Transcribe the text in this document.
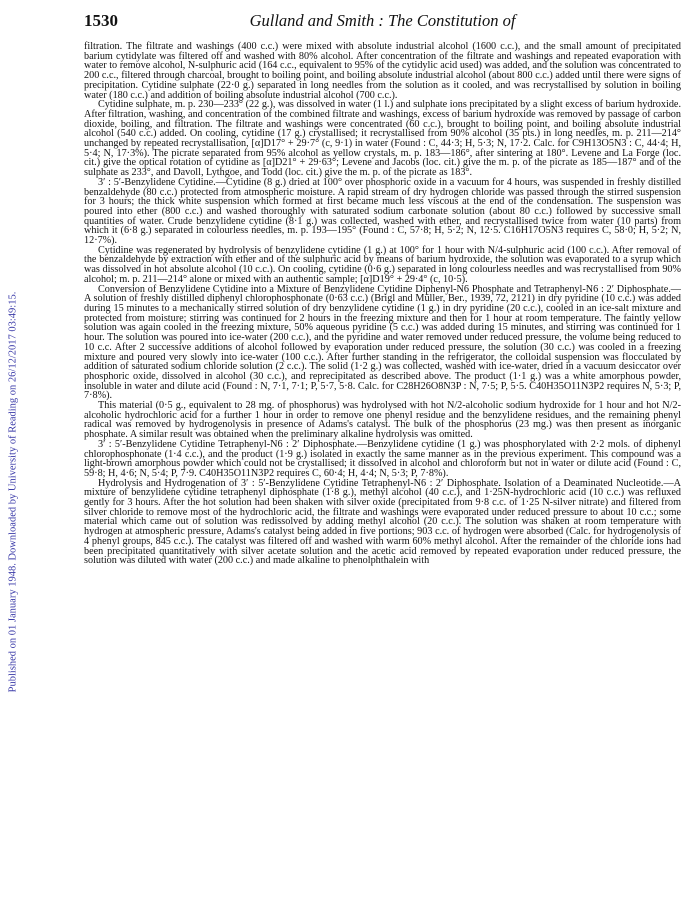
Published on 01 January 1948. Downloaded by University of Reading on 26/12/2017 03:49:15.
1530	Gulland and Smith : The Constitution of

filtration. The filtrate and washings (400 c.c.) were mixed with absolute industrial alcohol (1600 c.c.), and the small amount of precipitated barium cytidylate was filtered off and washed with 80% alcohol. After concentration of the filtrate and washings and repeated evaporation with water to remove alcohol, N-sulphuric acid (164 c.c., equivalent to 95% of the cytidylic acid used) was added, and the solution was concentrated to 200 c.c., filtered through charcoal, brought to boiling point, and boiling absolute industrial alcohol (about 800 c.c.) added until there were signs of precipitation. Cytidine sulphate (22·0 g.) separated in long needles from the solution as it cooled, and was recrystallised by solution in boiling water (180 c.c.) and addition of boiling absolute industrial alcohol (700 c.c.).

Cytidine sulphate, m. p. 230—233° (22 g.), was dissolved in water (1 l.) and sulphate ions precipitated by a slight excess of barium hydroxide. After filtration, washing, and concentration of the combined filtrate and washings, excess of barium hydroxide was removed by passage of carbon dioxide, boiling, and filtration. The filtrate and washings were concentrated (60 c.c.), brought to boiling point, and boiling absolute industrial alcohol (540 c.c.) added. On cooling, cytidine (17 g.) crystallised; it recrystallised from 90% alcohol (35 pts.) in long needles, m. p. 211—214° unchanged by repeated recrystallisation, [α]D17° + 29·7° (c, 9·1) in water (Found : C, 44·3; H, 5·3; N, 17·2. Calc. for C9H13O5N3 : C, 44·4; H, 5·4; N, 17·3%). The picrate separated from 95% alcohol as yellow crystals, m. p. 183—186°, after sintering at 180°. Levene and La Forge (loc. cit.) give the optical rotation of cytidine as [α]D21° + 29·63°; Levene and Jacobs (loc. cit.) give the m. p. of the picrate as 185—187° and of the sulphate as 233°, and Davoll, Lythgoe, and Todd (loc. cit.) give the m. p. of the picrate as 183°.

3′ : 5′-Benzylidene Cytidine.—Cytidine (8 g.) dried at 100° over phosphoric oxide in a vacuum for 4 hours, was suspended in freshly distilled benzaldehyde (80 c.c.) protected from atmospheric moisture. A rapid stream of dry hydrogen chloride was passed through the stirred suspension for 3 hours; the thick white suspension which formed at first became much less viscous at the end of the condensation. The suspension was poured into ether (800 c.c.) and washed thoroughly with saturated sodium carbonate solution (about 80 c.c.) followed by successive small quantities of water. Crude benzylidene cytidine (8·1 g.) was collected, washed with ether, and recrystallised twice from water (10 parts) from which it (6·8 g.) separated in colourless needles, m. p. 193—195° (Found : C, 57·8; H, 5·2; N, 12·5. C16H17O5N3 requires C, 58·0; H, 5·2; N, 12·7%).

Cytidine was regenerated by hydrolysis of benzylidene cytidine (1 g.) at 100° for 1 hour with N/4-sulphuric acid (100 c.c.). After removal of the benzaldehyde by extraction with ether and of the sulphuric acid by means of barium hydroxide, the solution was evaporated to a syrup which was dissolved in hot absolute alcohol (10 c.c.). On cooling, cytidine (0·6 g.) separated in long colourless needles and was recrystallised from 90% alcohol; m. p. 211—214° alone or mixed with an authentic sample; [α]D19° + 29·4° (c, 10·5).

Conversion of Benzylidene Cytidine into a Mixture of Benzylidene Cytidine Diphenyl-N6 Phosphate and Tetraphenyl-N6 : 2′ Diphosphate.—A solution of freshly distilled diphenyl chlorophosphonate (0·63 c.c.) (Brigl and Müller, Ber., 1939, 72, 2121) in dry pyridine (10 c.c.) was added during 15 minutes to a mechanically stirred solution of dry benzylidene cytidine (1 g.) in dry pyridine (20 c.c.), cooled in an ice-salt mixture and protected from moisture; stirring was continued for 2 hours in the freezing mixture and then for 1 hour at room temperature. The faintly yellow solution was again cooled in the freezing mixture, 50% aqueous pyridine (5 c.c.) was added during 15 minutes, and stirring was continued for 1 hour. The solution was poured into ice-water (200 c.c.), and the pyridine and water removed under reduced pressure, the volume being reduced to 10 c.c. After 2 successive additions of alcohol followed by evaporation under reduced pressure, the solution (30 c.c.) was cooled in a freezing mixture and poured very slowly into ice-water (100 c.c.). After further standing in the refrigerator, the colloidal suspension was flocculated by addition of saturated sodium chloride solution (2 c.c.). The solid (1·2 g.) was collected, washed with ice-water, dried in a vacuum desiccator over phosphoric oxide, dissolved in alcohol (30 c.c.), and reprecipitated as described above. The product (1·1 g.) was a white amorphous powder, insoluble in water and dilute acid (Found : N, 7·1, 7·1; P, 5·7, 5·8. Calc. for C28H26O8N3P : N, 7·5; P, 5·5. C40H35O11N3P2 requires N, 5·3; P, 7·8%).

This material (0·5 g., equivalent to 28 mg. of phosphorus) was hydrolysed with hot N/2-alcoholic sodium hydroxide for 1 hour and hot N/2-alcoholic hydrochloric acid for a further 1 hour in order to remove one phenyl residue and the benzylidene residues, and the remaining phenyl radical was removed by hydrogenolysis in presence of Adams's catalyst. The bulk of the phosphorus (23 mg.) was then present as inorganic phosphate. A similar result was obtained when the preliminary alkaline hydrolysis was omitted.

3′ : 5′-Benzylidene Cytidine Tetraphenyl-N6 : 2′ Diphosphate.—Benzylidene cytidine (1 g.) was phosphorylated with 2·2 mols. of diphenyl chlorophosphonate (1·4 c.c.), and the product (1·9 g.) isolated in exactly the same manner as in the previous experiment. This compound was a light-brown amorphous powder which could not be crystallised; it dissolved in alcohol and chloroform but not in water or dilute acid (Found : C, 59·8; H, 4·6; N, 5·4; P, 7·9. C40H35O11N3P2 requires C, 60·4; H, 4·4; N, 5·3; P, 7·8%).

Hydrolysis and Hydrogenation of 3′ : 5′-Benzylidene Cytidine Tetraphenyl-N6 : 2′ Diphosphate. Isolation of a Deaminated Nucleotide.—A mixture of benzylidene cytidine tetraphenyl diphosphate (1·8 g.), methyl alcohol (40 c.c.), and 1·25N-hydrochloric acid (10 c.c.) was refluxed gently for 3 hours. After the hot solution had been shaken with silver oxide (precipitated from 9·8 c.c. of 1·25 N-silver nitrate) and filtered from silver chloride to remove most of the hydrochloric acid, the filtrate and washings were evaporated under reduced pressure to about 10 c.c.; some material which came out of solution was redissolved by adding methyl alcohol (20 c.c.). The solution was shaken at room temperature with hydrogen at atmospheric pressure, Adams's catalyst being added in five portions; 903 c.c. of hydrogen were absorbed (Calc. for hydrogenolysis of 4 phenyl groups, 845 c.c.). The catalyst was filtered off and washed with warm 60% methyl alcohol. After the remainder of the chloride ions had been precipitated quantitatively with silver acetate solution and the acetic acid removed by repeated evaporation under reduced pressure, the solution was diluted with water (200 c.c.) and made alkaline to phenolphthalein with
